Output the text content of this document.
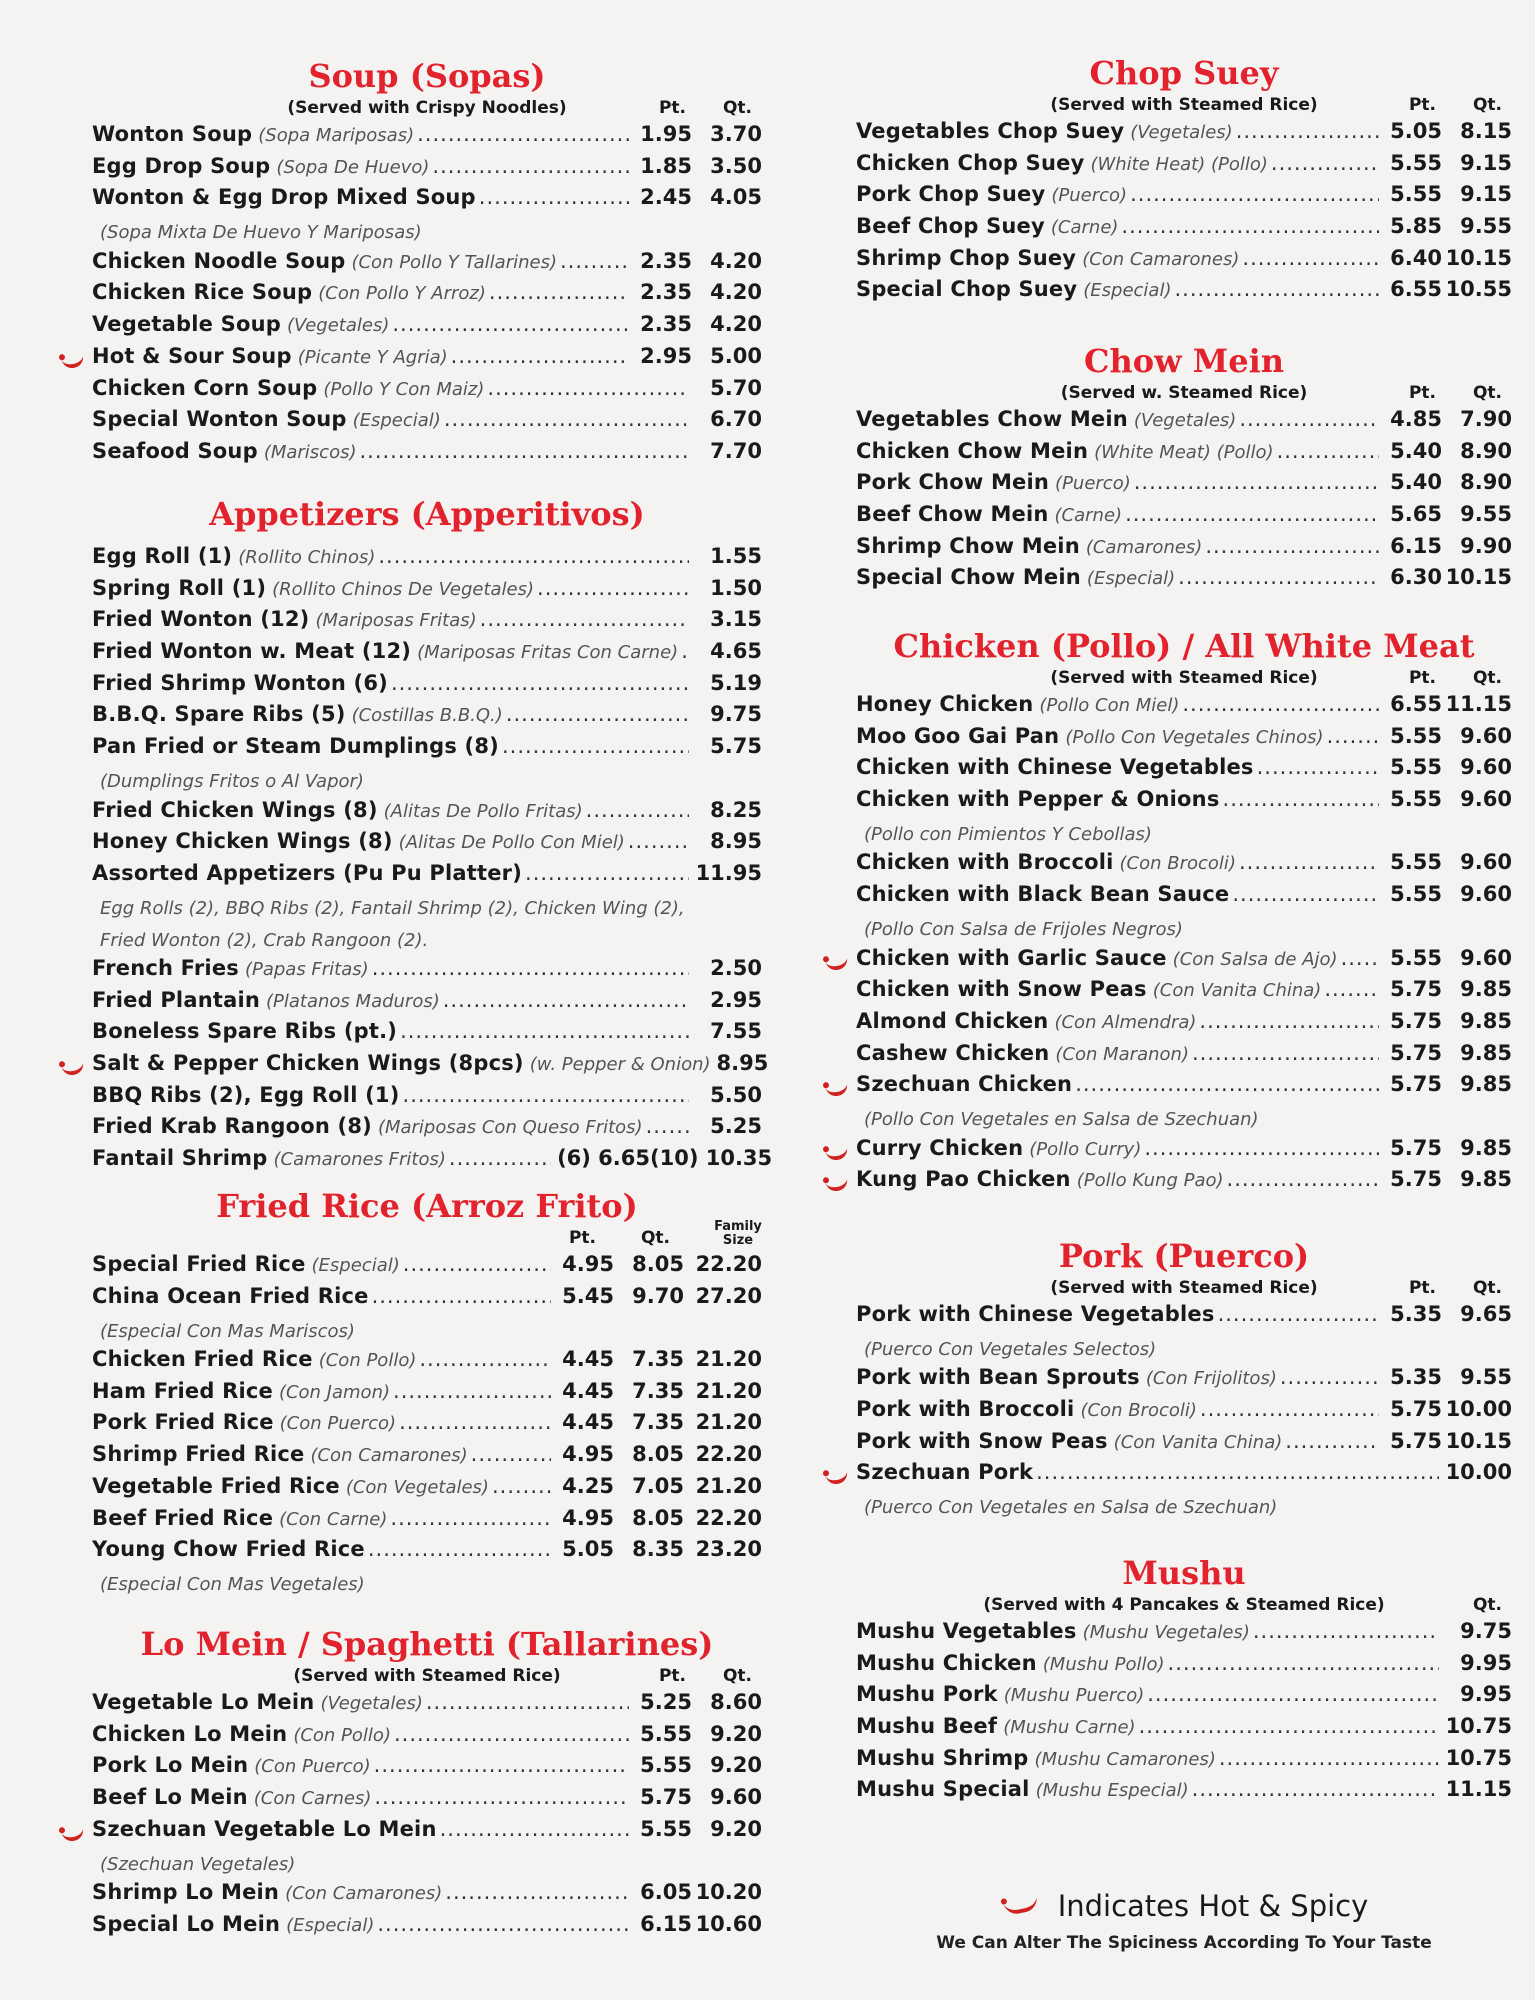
Soup (Sopas)
(Served with Crispy Noodles)	Pt. Qt.
Wonton Soup (Sopa Mariposas) .....	1.95 3.70
Egg Drop Soup (Sopa De Huevo) .....	1.85 3.50
Wonton & Egg Drop Mixed Soup .....	2.45 4.05
(Sopa Mixta De Huevo Y Mariposas)
Chicken Noodle Soup (Con Pollo Y Tallarines) .....	2.35 4.20
Chicken Rice Soup (Con Pollo Y Arroz) .....	2.35 4.20
Vegetable Soup (Vegetales) .....	2.35 4.20
Hot & Sour Soup (Picante Y Agria) .....	2.95 5.00
Chicken Corn Soup (Pollo Y Con Maiz) .....	5.70
Special Wonton Soup (Especial) .....	6.70
Seafood Soup (Mariscos) .....	7.70
Appetizers (Apperitivos)
Egg Roll (1) (Rollito Chinos) .....	1.55
Spring Roll (1) (Rollito Chinos De Vegetales) .....	1.50
Fried Wonton (12) (Mariposas Fritas) .....	3.15
Fried Wonton w. Meat (12) (Mariposas Fritas Con Carne) .....	4.65
Fried Shrimp Wonton (6) .....	5.19
B.B.Q. Spare Ribs (5) (Costillas B.B.Q.) .....	9.75
Pan Fried or Steam Dumplings (8) .....	5.75
(Dumplings Fritos o Al Vapor)
Fried Chicken Wings (8) (Alitas De Pollo Fritas) .....	8.25
Honey Chicken Wings (8) (Alitas De Pollo Con Miel) .....	8.95
Assorted Appetizers (Pu Pu Platter) .....	11.95
Egg Rolls (2), BBQ Ribs (2), Fantail Shrimp (2), Chicken Wing (2),
Fried Wonton (2), Crab Rangoon (2).
French Fries (Papas Fritas) .....	2.50
Fried Plantain (Platanos Maduros) .....	2.95
Boneless Spare Ribs (pt.) .....	7.55
Salt & Pepper Chicken Wings (8pcs) (w. Pepper & Onion) 8.95
BBQ Ribs (2), Egg Roll (1) .....	5.50
Fried Krab Rangoon (8) (Mariposas Con Queso Fritos) .....	5.25
Fantail Shrimp (Camarones Fritos) .....	(6) 6.65 (10) 10.35
Fried Rice (Arroz Frito)
Pt.	Qt.
Family Size
Special Fried Rice (Especial) .....	4.95 8.05 22.20
China Ocean Fried Rice .....	5.45 9.70 27.20
(Especial Con Mas Mariscos)
Chicken Fried Rice (Con Pollo) .....	4.45 7.35 21.20
Ham Fried Rice (Con Jamon) .....	4.45 7.35 21.20
Pork Fried Rice (Con Puerco) .....	4.45 7.35 21.20
Shrimp Fried Rice (Con Camarones) .....	4.95 8.05 22.20
Vegetable Fried Rice (Con Vegetales) .....	4.25 7.05 21.20
Beef Fried Rice (Con Carne) .....	4.95 8.05 22.20
Young Chow Fried Rice .....	5.05 8.35 23.20
(Especial Con Mas Vegetales)
Lo Mein / Spaghetti (Tallarines)
(Served with Steamed Rice)	Pt. Qt.
Vegetable Lo Mein (Vegetales) .....	5.25 8.60
Chicken Lo Mein (Con Pollo) .....	5.55 9.20
Pork Lo Mein (Con Puerco) .....	5.55 9.20
Beef Lo Mein (Con Carnes) .....	5.75 9.60
Szechuan Vegetable Lo Mein .....	5.55 9.20
(Szechuan Vegetales)
Shrimp Lo Mein (Con Camarones) .....	6.05 10.20
Special Lo Mein (Especial) .....	6.15 10.60
Chop Suey
(Served with Steamed Rice)	Pt. Qt.
Vegetables Chop Suey (Vegetales) .....	5.05 8.15
Chicken Chop Suey (White Heat) (Pollo) .....	5.55 9.15
Pork Chop Suey (Puerco) .....	5.55 9.15
Beef Chop Suey (Carne) .....	5.85 9.55
Shrimp Chop Suey (Con Camarones) .....	6.40 10.15
Special Chop Suey (Especial) .....	6.55 10.55
Chow Mein
(Served w. Steamed Rice)	Pt. Qt.
Vegetables Chow Mein (Vegetales) .....	4.85 7.90
Chicken Chow Mein (White Meat) (Pollo) .....	5.40 8.90
Pork Chow Mein (Puerco) .....	5.40 8.90
Beef Chow Mein (Carne) .....	5.65 9.55
Shrimp Chow Mein (Camarones) .....	6.15 9.90
Special Chow Mein (Especial) .....	6.30 10.15
Chicken (Pollo) / All White Meat
(Served with Steamed Rice)	Pt. Qt.
Honey Chicken (Pollo Con Miel) .....	6.55 11.15
Moo Goo Gai Pan (Pollo Con Vegetales Chinos) .....	5.55 9.60
Chicken with Chinese Vegetables .....	5.55 9.60
Chicken with Pepper & Onions .....	5.55 9.60
(Pollo con Pimientos Y Cebollas)
Chicken with Broccoli (Con Brocoli) .....	5.55 9.60
Chicken with Black Bean Sauce .....	5.55 9.60
(Pollo Con Salsa de Frijoles Negros)
Chicken with Garlic Sauce (Con Salsa de Ajo) .....	5.55 9.60
Chicken with Snow Peas (Con Vanita China) .....	5.75 9.85
Almond Chicken (Con Almendra) .....	5.75 9.85
Cashew Chicken (Con Maranon) .....	5.75 9.85
Szechuan Chicken .....	5.75 9.85
(Pollo Con Vegetales en Salsa de Szechuan)
Curry Chicken (Pollo Curry) .....	5.75 9.85
Kung Pao Chicken (Pollo Kung Pao) .....	5.75 9.85
Pork (Puerco)
(Served with Steamed Rice)	Pt. Qt.
Pork with Chinese Vegetables .....	5.35 9.65
(Puerco Con Vegetales Selectos)
Pork with Bean Sprouts (Con Frijolitos) .....	5.35 9.55
Pork with Broccoli (Con Brocoli) .....	5.75 10.00
Pork with Snow Peas (Con Vanita China) .....	5.75 10.15
Szechuan Pork .....	10.00
(Puerco Con Vegetales en Salsa de Szechuan)
Mushu
(Served with 4 Pancakes & Steamed Rice)	Qt.
Mushu Vegetables (Mushu Vegetales) .....	9.75
Mushu Chicken (Mushu Pollo) .....	9.95
Mushu Pork (Mushu Puerco) .....	9.95
Mushu Beef (Mushu Carne) .....	10.75
Mushu Shrimp (Mushu Camarones) .....	10.75
Mushu Special (Mushu Especial) .....	11.15
Indicates Hot & Spicy
We Can Alter The Spiciness According To Your Taste
